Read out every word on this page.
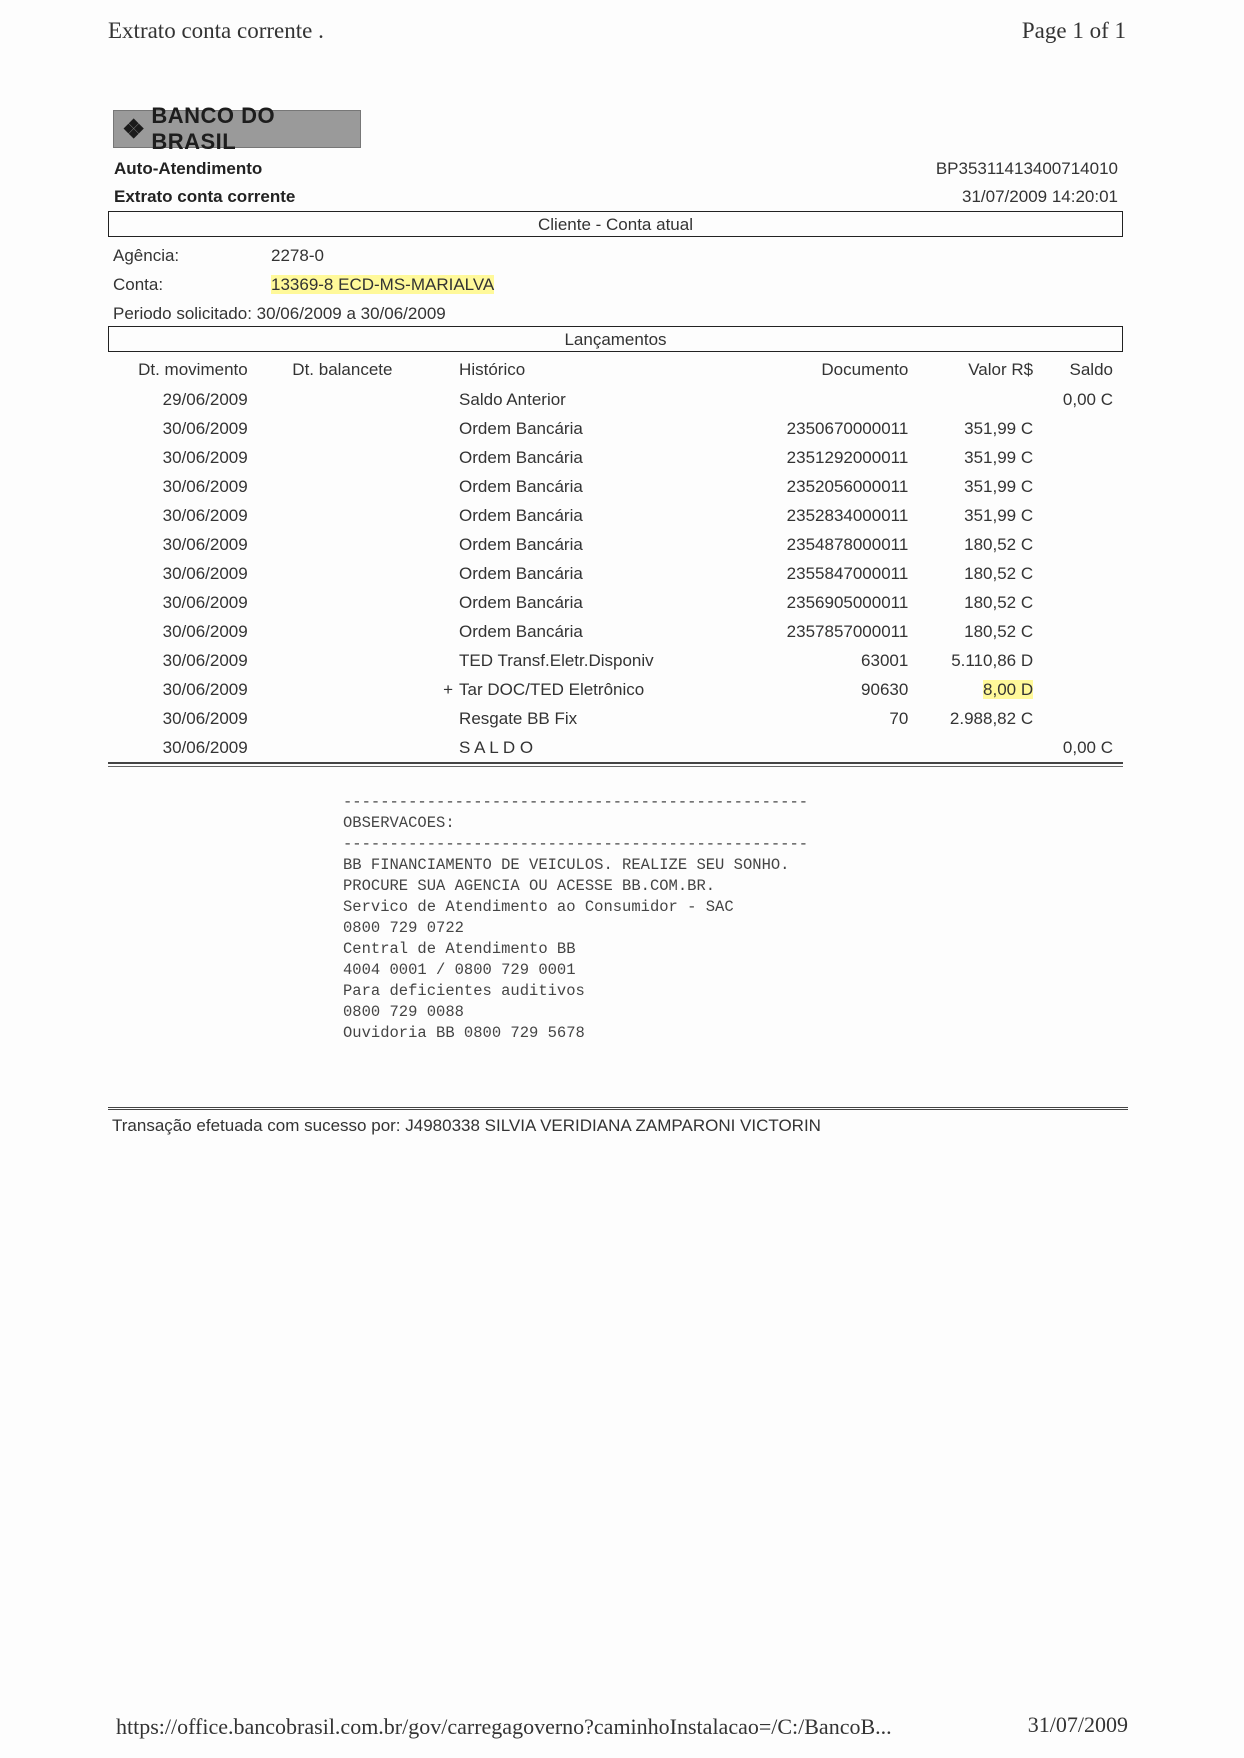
Extrato conta corrente .	Page 1 of 1
❖ BANCO DO BRASIL
Auto-Atendimento	BP35311413400714010
Extrato conta corrente	31/07/2009 14:20:01
Cliente - Conta atual
Agência:	2278-0
Conta:	13369-8 ECD-MS-MARIALVA
Periodo solicitado: 30/06/2009 a 30/06/2009
Lançamentos
Dt. movimento	Dt. balancete		Histórico	Documento	Valor R$	Saldo
29/06/2009			Saldo Anterior			0,00 C
30/06/2009			Ordem Bancária	2350670000011	351,99 C	
30/06/2009			Ordem Bancária	2351292000011	351,99 C	
30/06/2009			Ordem Bancária	2352056000011	351,99 C	
30/06/2009			Ordem Bancária	2352834000011	351,99 C	
30/06/2009			Ordem Bancária	2354878000011	180,52 C	
30/06/2009			Ordem Bancária	2355847000011	180,52 C	
30/06/2009			Ordem Bancária	2356905000011	180,52 C	
30/06/2009			Ordem Bancária	2357857000011	180,52 C	
30/06/2009			TED Transf.Eletr.Disponiv	63001	5.110,86 D	
30/06/2009		+	Tar DOC/TED Eletrônico	90630	8,00 D	
30/06/2009			Resgate BB Fix	70	2.988,82 C	
30/06/2009			S A L D O			0,00 C
--------------------------------------------------
OBSERVACOES:
--------------------------------------------------
BB FINANCIAMENTO DE VEICULOS. REALIZE SEU SONHO.
PROCURE SUA AGENCIA OU ACESSE BB.COM.BR.
Servico de Atendimento ao Consumidor - SAC
0800 729 0722
Central de Atendimento BB
4004 0001 / 0800 729 0001
Para deficientes auditivos
0800 729 0088
Ouvidoria BB 0800 729 5678
Transação efetuada com sucesso por: J4980338 SILVIA VERIDIANA ZAMPARONI VICTORIN
https://office.bancobrasil.com.br/gov/carregagoverno?caminhoInstalacao=/C:/BancoB...	31/07/2009
